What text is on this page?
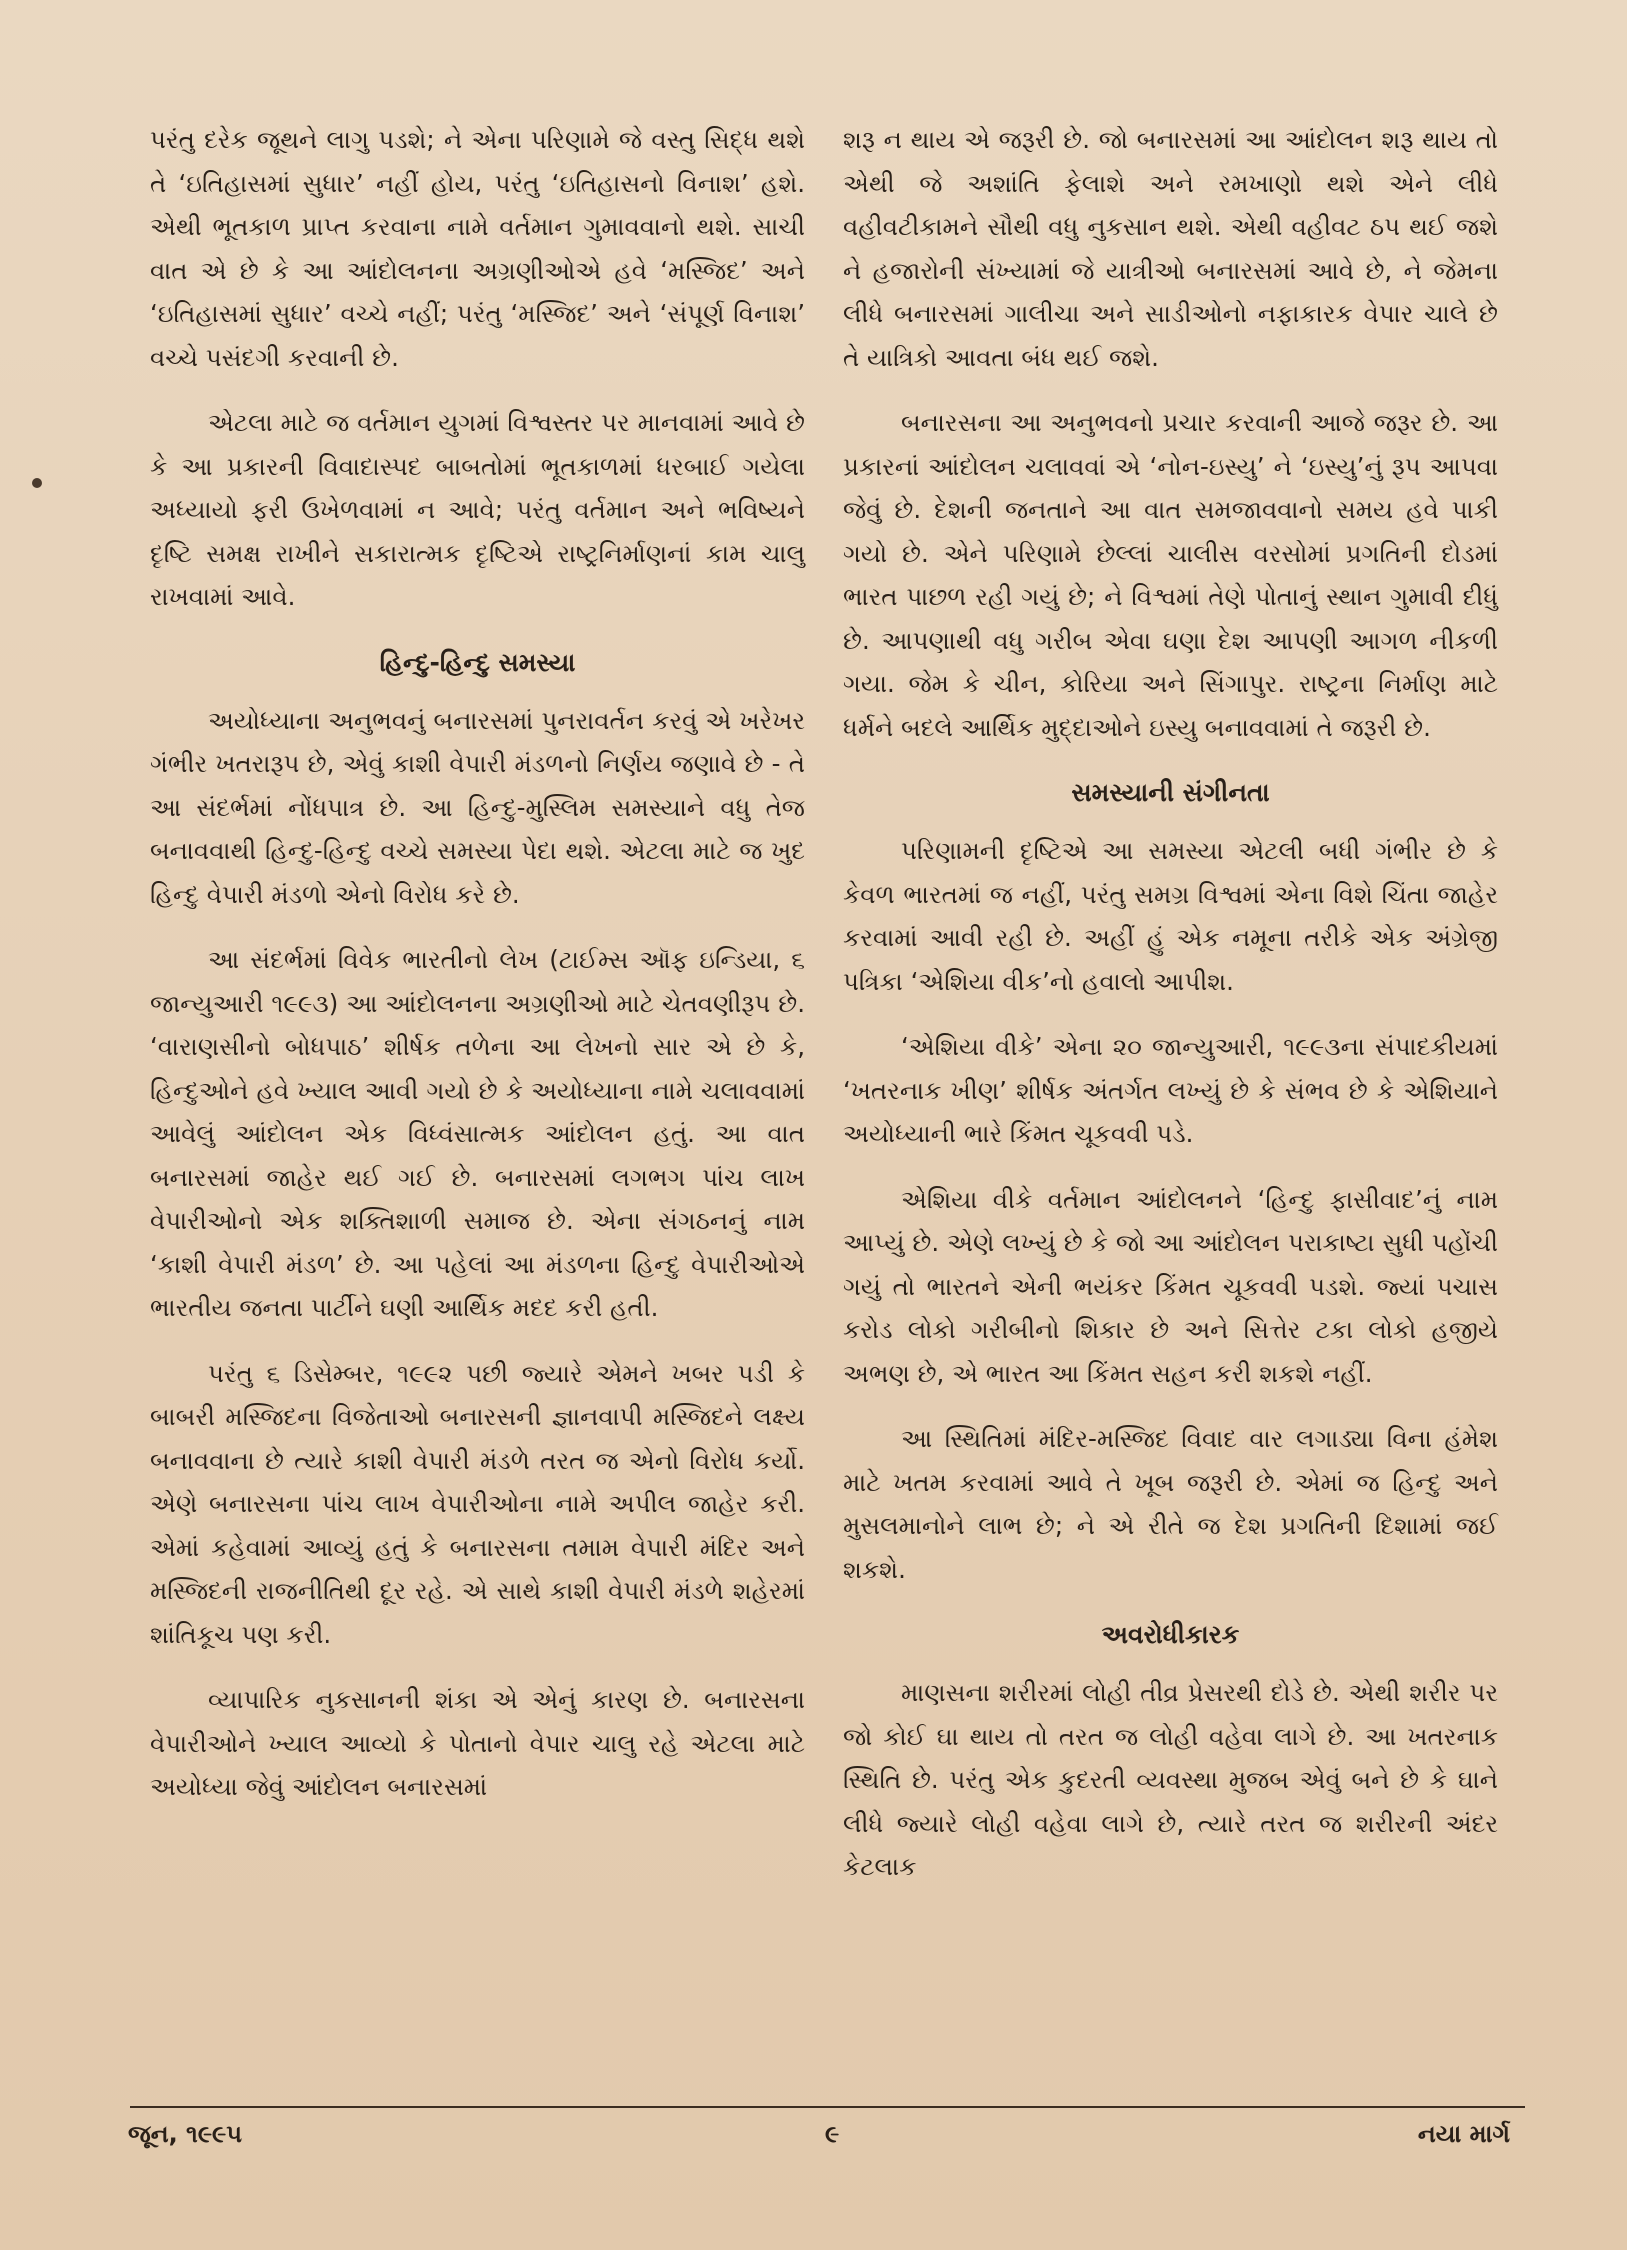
પરંતુ દરેક જૂથને લાગુ પડશે; ને એના પરિણામે જે વસ્તુ સિદ્ધ થશે તે ‘ઇતિહાસમાં સુધાર’ નહીં હોય, પરંતુ ‘ઇતિહાસનો વિનાશ’ હશે. એથી ભૂતકાળ પ્રાપ્ત કરવાના નામે વર્તમાન ગુમાવવાનો થશે. સાચી વાત એ છે કે આ આંદોલનના અગ્રણીઓએ હવે ‘મસ્જિદ’ અને ‘ઇતિહાસમાં સુધાર’ વચ્ચે નહીં; પરંતુ ‘મસ્જિદ’ અને ‘સંપૂર્ણ વિનાશ’ વચ્ચે પસંદગી કરવાની છે.

એટલા માટે જ વર્તમાન યુગમાં વિશ્વસ્તર પર માનવામાં આવે છે કે આ પ્રકારની વિવાદાસ્પદ બાબતોમાં ભૂતકાળમાં ધરબાઈ ગયેલા અધ્યાયો ફરી ઉખેળવામાં ન આવે; પરંતુ વર્તમાન અને ભવિષ્યને દૃષ્ટિ સમક્ષ રાખીને સકારાત્મક દૃષ્ટિએ રાષ્ટ્રનિર્માણનાં કામ ચાલુ રાખવામાં આવે.

હિન્દુ-હિન્દુ સમસ્યા

અયોધ્યાના અનુભવનું બનારસમાં પુનરાવર્તન કરવું એ ખરેખર ગંભીર ખતરારૂપ છે, એવું કાશી વેપારી મંડળનો નિર્ણય જણાવે છે - તે આ સંદર્ભમાં નોંધપાત્ર છે. આ હિન્દુ-મુસ્લિમ સમસ્યાને વધુ તેજ બનાવવાથી હિન્દુ-હિન્દુ વચ્ચે સમસ્યા પેદા થશે. એટલા માટે જ ખુદ હિન્દુ વેપારી મંડળો એનો વિરોધ કરે છે.

આ સંદર્ભમાં વિવેક ભારતીનો લેખ (ટાઈમ્સ ઑફ ઇન્ડિયા, ૬ જાન્યુઆરી ૧૯૯૩) આ આંદોલનના અગ્રણીઓ માટે ચેતવણીરૂપ છે. ‘વારાણસીનો બોધપાઠ’ શીર્ષક તળેના આ લેખનો સાર એ છે કે, હિન્દુઓને હવે ખ્યાલ આવી ગયો છે કે અયોધ્યાના નામે ચલાવવામાં આવેલું આંદોલન એક વિધ્વંસાત્મક આંદોલન હતું. આ વાત બનારસમાં જાહેર થઈ ગઈ છે. બનારસમાં લગભગ પાંચ લાખ વેપારીઓનો એક શક્તિશાળી સમાજ છે. એના સંગઠનનું નામ ‘કાશી વેપારી મંડળ’ છે. આ પહેલાં આ મંડળના હિન્દુ વેપારીઓએ ભારતીય જનતા પાર્ટીને ઘણી આર્થિક મદદ કરી હતી.

પરંતુ ૬ ડિસેમ્બર, ૧૯૯૨ પછી જ્યારે એમને ખબર પડી કે બાબરી મસ્જિદના વિજેતાઓ બનારસની જ્ઞાનવાપી મસ્જિદને લક્ષ્ય બનાવવાના છે ત્યારે કાશી વેપારી મંડળે તરત જ એનો વિરોધ કર્યો. એણે બનારસના પાંચ લાખ વેપારીઓના નામે અપીલ જાહેર કરી. એમાં કહેવામાં આવ્યું હતું કે બનારસના તમામ વેપારી મંદિર અને મસ્જિદની રાજનીતિથી દૂર રહે. એ સાથે કાશી વેપારી મંડળે શહેરમાં શાંતિકૂચ પણ કરી.

વ્યાપારિક નુકસાનની શંકા એ એનું કારણ છે. બનારસના વેપારીઓને ખ્યાલ આવ્યો કે પોતાનો વેપાર ચાલુ રહે એટલા માટે અયોધ્યા જેવું આંદોલન બનારસમાં

શરૂ ન થાય એ જરૂરી છે. જો બનારસમાં આ આંદોલન શરૂ થાય તો એથી જે અશાંતિ ફેલાશે અને રમખાણો થશે એને લીધે વહીવટીકામને સૌથી વધુ નુકસાન થશે. એથી વહીવટ ઠપ થઈ જશે ને હજારોની સંખ્યામાં જે યાત્રીઓ બનારસમાં આવે છે, ને જેમના લીધે બનારસમાં ગાલીચા અને સાડીઓનો નફાકારક વેપાર ચાલે છે તે યાત્રિકો આવતા બંધ થઈ જશે.

બનારસના આ અનુભવનો પ્રચાર કરવાની આજે જરૂર છે. આ પ્રકારનાં આંદોલન ચલાવવાં એ ‘નોન-ઇસ્યુ’ ને ‘ઇસ્યુ’નું રૂપ આપવા જેવું છે. દેશની જનતાને આ વાત સમજાવવાનો સમય હવે પાકી ગયો છે. એને પરિણામે છેલ્લાં ચાલીસ વરસોમાં પ્રગતિની દોડમાં ભારત પાછળ રહી ગયું છે; ને વિશ્વમાં તેણે પોતાનું સ્થાન ગુમાવી દીધું છે. આપણાથી વધુ ગરીબ એવા ઘણા દેશ આપણી આગળ નીકળી ગયા. જેમ કે ચીન, કોરિયા અને સિંગાપુર. રાષ્ટ્રના નિર્માણ માટે ધર્મને બદલે આર્થિક મુદ્દાઓને ઇસ્યુ બનાવવામાં તે જરૂરી છે.

સમસ્યાની સંગીનતા

પરિણામની દૃષ્ટિએ આ સમસ્યા એટલી બધી ગંભીર છે કે કેવળ ભારતમાં જ નહીં, પરંતુ સમગ્ર વિશ્વમાં એના વિશે ચિંતા જાહેર કરવામાં આવી રહી છે. અહીં હું એક નમૂના તરીકે એક અંગ્રેજી પત્રિકા ‘એશિયા વીક’નો હવાલો આપીશ.

‘એશિયા વીકે’ એના ૨૦ જાન્યુઆરી, ૧૯૯૩ના સંપાદકીયમાં ‘ખતરનાક ખીણ’ શીર્ષક અંતર્ગત લખ્યું છે કે સંભવ છે કે એશિયાને અયોધ્યાની ભારે કિંમત ચૂકવવી પડે.

એશિયા વીકે વર્તમાન આંદોલનને ‘હિન્દુ ફાસીવાદ’નું નામ આપ્યું છે. એણે લખ્યું છે કે જો આ આંદોલન પરાકાષ્ટા સુધી પહોંચી ગયું તો ભારતને એની ભયંકર કિંમત ચૂકવવી પડશે. જ્યાં પચાસ કરોડ લોકો ગરીબીનો શિકાર છે અને સિત્તેર ટકા લોકો હજીયે અભણ છે, એ ભારત આ કિંમત સહન કરી શકશે નહીં.

આ સ્થિતિમાં મંદિર-મસ્જિદ વિવાદ વાર લગાડ્યા વિના હંમેશ માટે ખતમ કરવામાં આવે તે ખૂબ જરૂરી છે. એમાં જ હિન્દુ અને મુસલમાનોને લાભ છે; ને એ રીતે જ દેશ પ્રગતિની દિશામાં જઈ શકશે.

અવરોધીકારક

માણસના શરીરમાં લોહી તીવ્ર પ્રેસરથી દોડે છે. એથી શરીર પર જો કોઈ ઘા થાય તો તરત જ લોહી વહેવા લાગે છે. આ ખતરનાક સ્થિતિ છે. પરંતુ એક કુદરતી વ્યવસ્થા મુજબ એવું બને છે કે ઘાને લીધે જ્યારે લોહી વહેવા લાગે છે, ત્યારે તરત જ શરીરની અંદર કેટલાક

જૂન, ૧૯૯૫	૯	નયા માર્ગ
